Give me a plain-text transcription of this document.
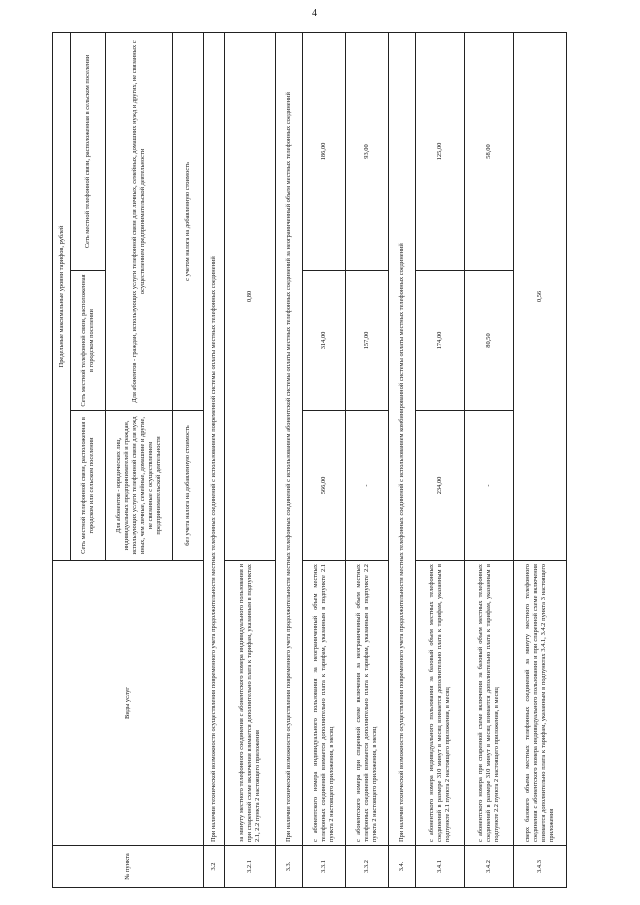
4
№ пункта	Виды услуг	Предельные максимальные уровни тарифов, рублей		
		Сеть местной телефонной связи, расположенная в городском или сельском поселении	Сеть местной телефонной связи, расположенная в городском поселении	Сеть местной телефонной связи, расположенная в сельском поселении
		Для абонентов - юридических лиц, индивидуальных предпринимателей и граждан, использующих услуги телефонной связи для нужд иных, чем личные, семейные, домашние и другие, не связанные с осуществлением предпринимательской деятельности	Для абонентов - граждан, использующих услуги телефонной связи для личных, семейных, домашних нужд и других, не связанных с осуществлением предпринимательской деятельности	
		без учета налога на добавленную стоимость	с учетом налога на добавленную стоимость	
3.2	При наличии технической возможности осуществления повременного учета продолжительности местных телефонных соединений с использованием повременной системы оплаты местных телефонных соединений			
3.2.1	за минуту местного телефонного соединения с абонентского номера индивидуального пользования и при спаренной схеме включения взимается дополнительно плата к тарифам, указанным в подпунктах 2.1, 2.2 пункта 2 настоящего приложения	0,80		
3.3.	При наличии технической возможности осуществления повременного учета продолжительности местных телефонных соединений с использованием абонентской системы оплаты местных телефонных соединений за неограниченный объем местных телефонных соединений			
3.3.1	с абонентского номера индивидуального пользования за неограниченный объем местных телефонных соединений взимается дополнительно плата к тарифам, указанным в подпункте 2.1 пункта 2 настоящего приложения, в месяц	566,00	314,00	186,00
3.3.2	с абонентского номера при спаренной схеме включения за неограниченный объем местных телефонных соединений взимается дополнительно плата к тарифам, указанным в подпункте 2.2 пункта 2 настоящего приложения, в месяц	-	157,00	93,00
3.4.	При наличии технической возможности осуществления повременного учета продолжительности местных телефонных соединений с использованием комбинированной системы оплаты местных телефонных соединений			
3.4.1	с абонентского номера индивидуального пользования за базовый объем местных телефонных соединений в размере 310 минут в месяц взимается дополнительно плата к тарифам, указанным в подпункте 2.1 пункта 2 настоящего приложения, в месяц	234,00	174,00	125,00
3.4.2	с абонентского номера при спаренной схеме включения за базовый объем местных телефонных соединений в размере 310 минут в месяц взимается дополнительно плата к тарифам, указанным в подпункте 2.2 пункта 2 настоящего приложения, в месяц	-	80,50	58,00
3.4.3	сверх базового объема местных телефонных соединений за минуту местного телефонного соединения с абонентского номера индивидуального пользования и при спаренной схеме включения взимается дополнительно плата к тарифам, указанным в подпунктах 3.4.1, 3.4.2 пункта 3 настоящего приложения	0,56		
